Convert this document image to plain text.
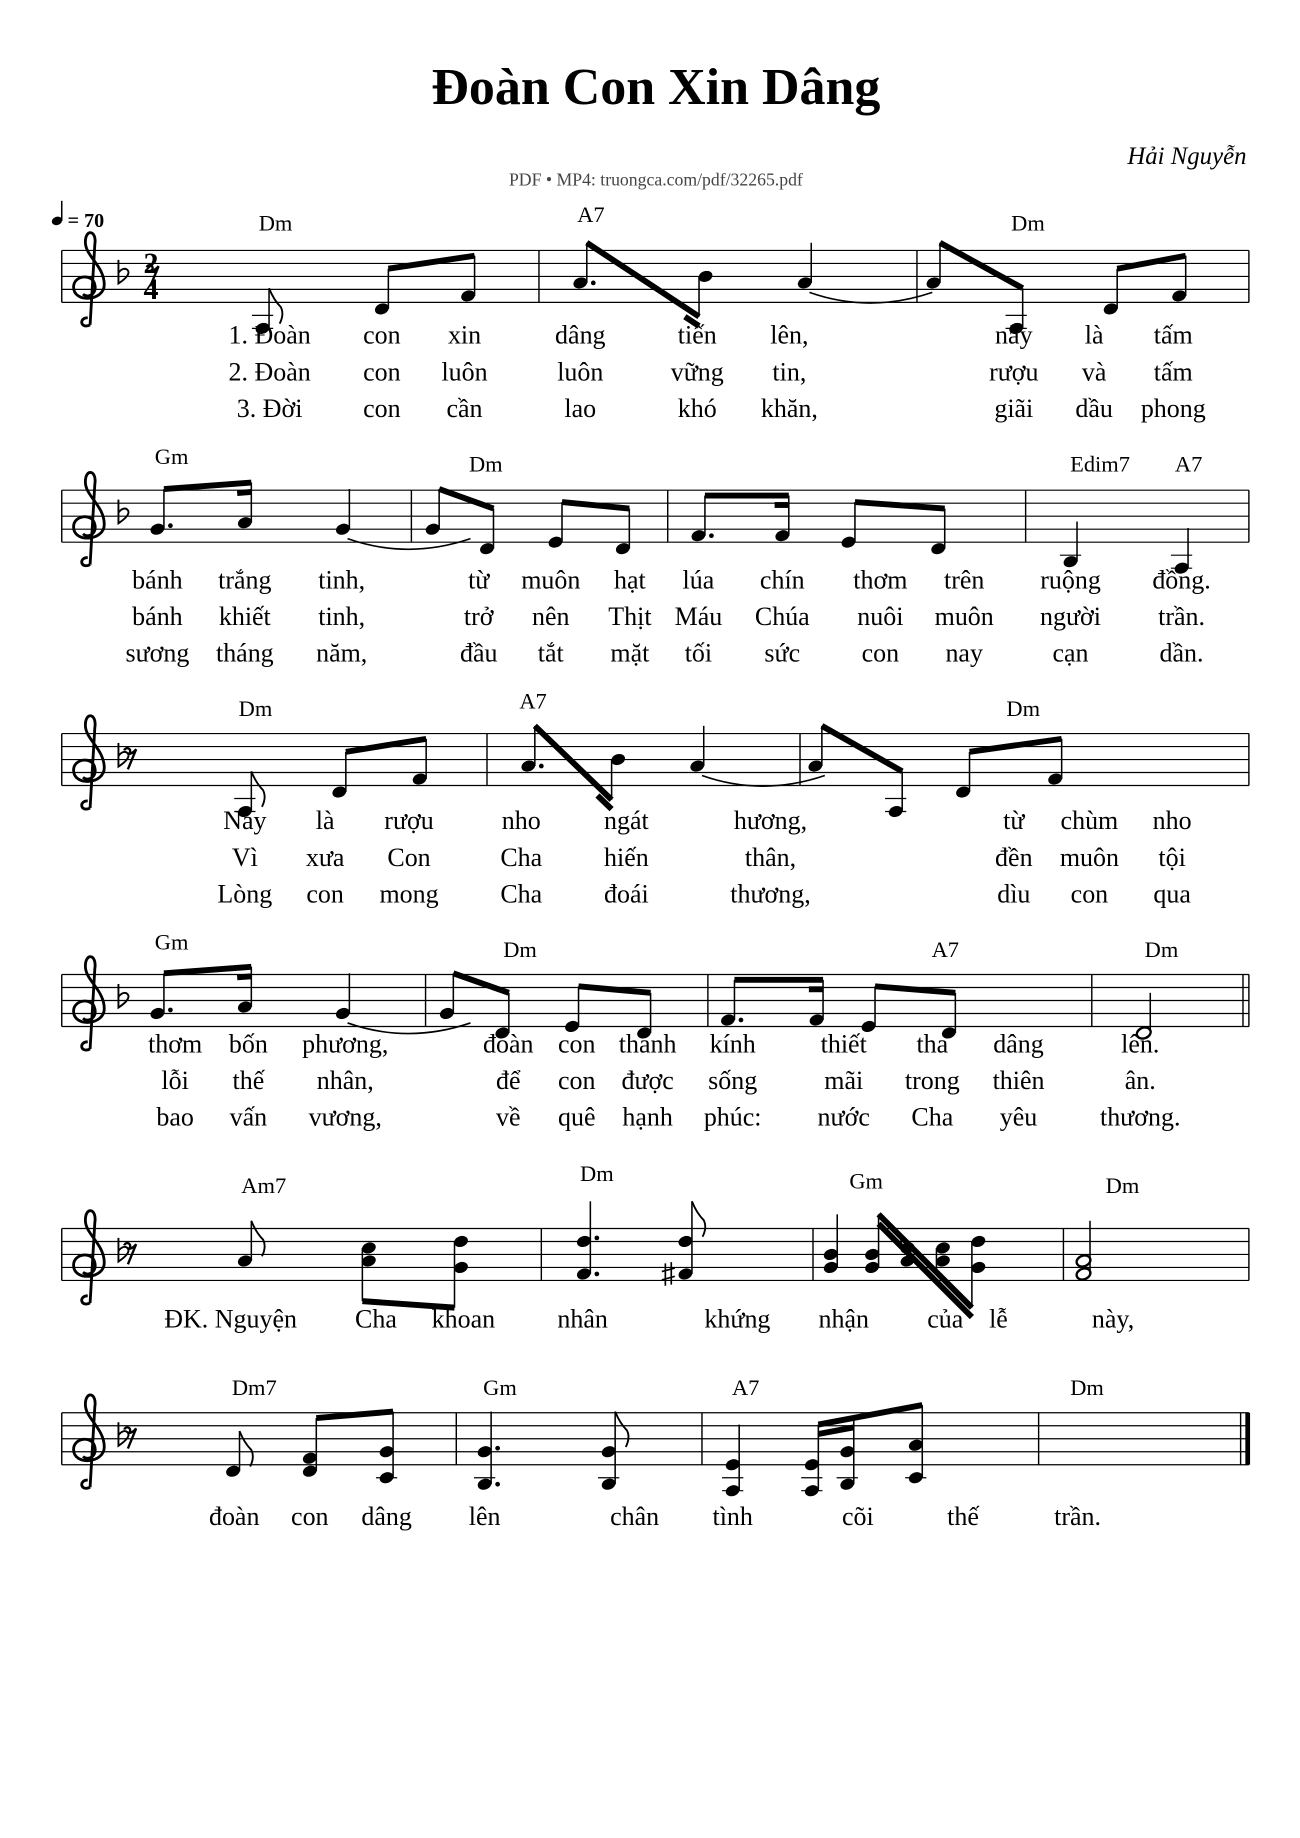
Đoàn Con Xin Dâng
Hải Nguyễn
PDF • MP4: truongca.com/pdf/32265.pdf
= 70	Dm	A7	Dm
1. Đoàn con xin	dâng	tiến lên,	này là tấm
2. Đoàn con luôn	luôn	vững tin,	rượu và tấm
3. Đời	con cần	lao	khó khăn,	giãi dầu phong
Gm	Dm	Edim7 A7
bánh trắng tinh,	từ muôn hạt lúa chín thơm trên	ruộng đồng.
bánh khiết tinh,	trở nên Thịt Máu Chúa nuôi muôn người	trần.
sương tháng năm,	đầu tắt mặt tối sức	con nay	cạn	dần.
Dm	A7	Dm
Này là rượu	nho	ngát	hương,	từ chùm nho
Vì xưa Con	Cha	hiến	thân,	đền muôn tội
Lòng con mong	Cha	đoái	thương,	dìu con qua
Gm	Dm	A7	Dm
thơm bốn phương,	đoàn con thành kính	thiết tha dâng	lên.
lỗi thế nhân,	để con được sống	mãi trong thiên	ân.
bao vấn vương,	về quê hạnh phúc:	nước Cha yêu	thương.
Am7	Dm	Gm	Dm
ĐK. Nguyện	Cha khoan	nhân	khứng nhận	của lễ	này,
Dm7	Gm	A7	Dm
đoàn con dâng	lên	chân tình	cõi	thế	trần.
2
4
